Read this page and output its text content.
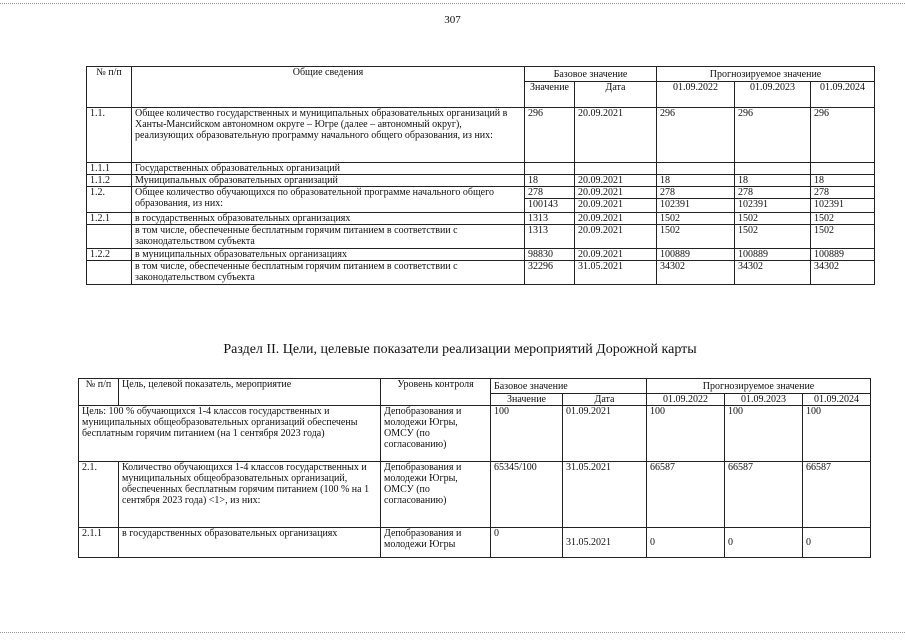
307
№ п/п	Общие сведения	Базовое значение		Прогнозируемое значение		
		Значение	Дата	01.09.2022	01.09.2023	01.09.2024
1.1.	Общее количество государственных и муниципальных образовательных организаций в Ханты-Мансийском автономном округе – Югре (далее – автономный округ), реализующих образовательную программу начального общего образования, из них:	296	20.09.2021	296	296	296
1.1.1	Государственных образовательных организаций					
1.1.2	Муниципальных образовательных организаций	18	20.09.2021	18	18	18
1.2.	Общее количество обучающихся по образовательной программе начального общего образования, из них:	278	20.09.2021	278	278	278
		100143	20.09.2021	102391	102391	102391
1.2.1	в государственных образовательных организациях	1313	20.09.2021	1502	1502	1502
	в том числе, обеспеченные бесплатным горячим питанием в соответствии с законодательством субъекта	1313	20.09.2021	1502	1502	1502
1.2.2	в муниципальных образовательных организациях	98830	20.09.2021	100889	100889	100889
	в том числе, обеспеченные бесплатным горячим питанием в соответствии с законодательством субъекта	32296	31.05.2021	34302	34302	34302
Раздел II. Цели, целевые показатели реализации мероприятий Дорожной карты
№ п/п	Цель, целевой показатель, мероприятие	Уровень контроля	Базовое значение		Прогнозируемое значение		
			Значение	Дата	01.09.2022	01.09.2023	01.09.2024
Цель: 100 % обучающихся 1-4 классов государственных и муниципальных общеобразовательных организаций обеспечены бесплатным горячим питанием (на 1 сентября 2023 года)		Депобразования и молодежи Югры, ОМСУ (по согласованию)	100	01.09.2021	100	100	100
2.1.	Количество обучающихся 1-4 классов государственных и муниципальных общеобразовательных организаций, обеспеченных бесплатным горячим питанием (100 % на 1 сентября 2023 года) <1>, из них:	Депобразования и молодежи Югры, ОМСУ (по согласованию)	65345/100	31.05.2021	66587	66587	66587
2.1.1	в государственных образовательных организациях	Депобразования и молодежи Югры	0	31.05.2021	0	0	0
